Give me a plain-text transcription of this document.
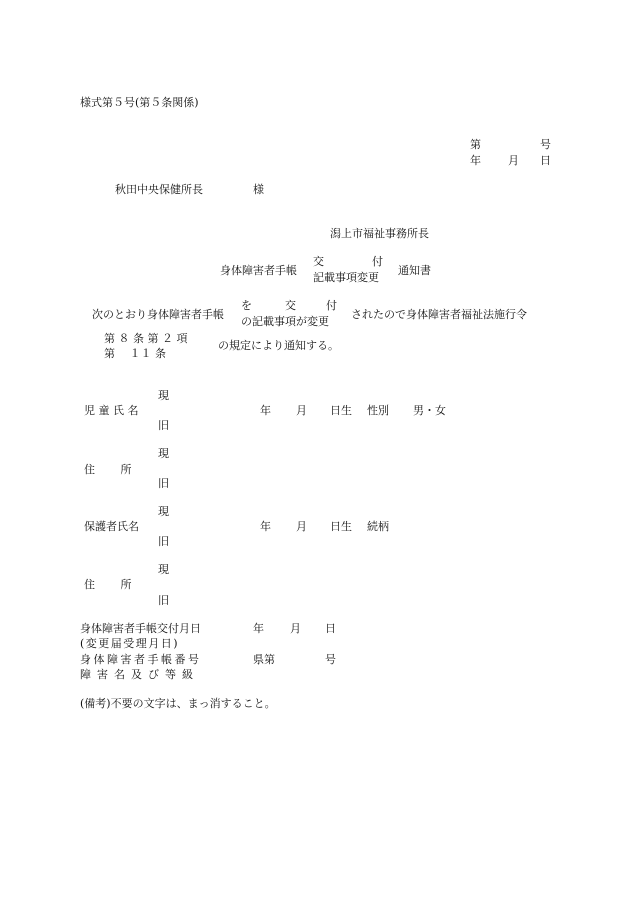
様式第５号(第５条関係)
第	号
年 月 日
秋田中央保健所長	様
潟上市福祉事務所長
身体障害者手帳
交	付
記載事項変更
通知書
次のとおり身体障害者手帳
を	交	付
の記載事項が変更
されたので身体障害者福祉法施行令
第 ８ 条 第 ２ 項
第　 １１ 条
の規定により通知する。
現
児 童 氏 名	年 月 日生 性別 男・女
旧
現
住　　 所
旧
現
保護者氏名	年 月 日生 続柄
旧
現
住　　 所
旧
身体障害者手帳交付月日	年 月 日
(変更届受理月日)
身体障害者手帳番号	県第	号
障害名及び等級
(備考)不要の文字は、まっ消すること。
